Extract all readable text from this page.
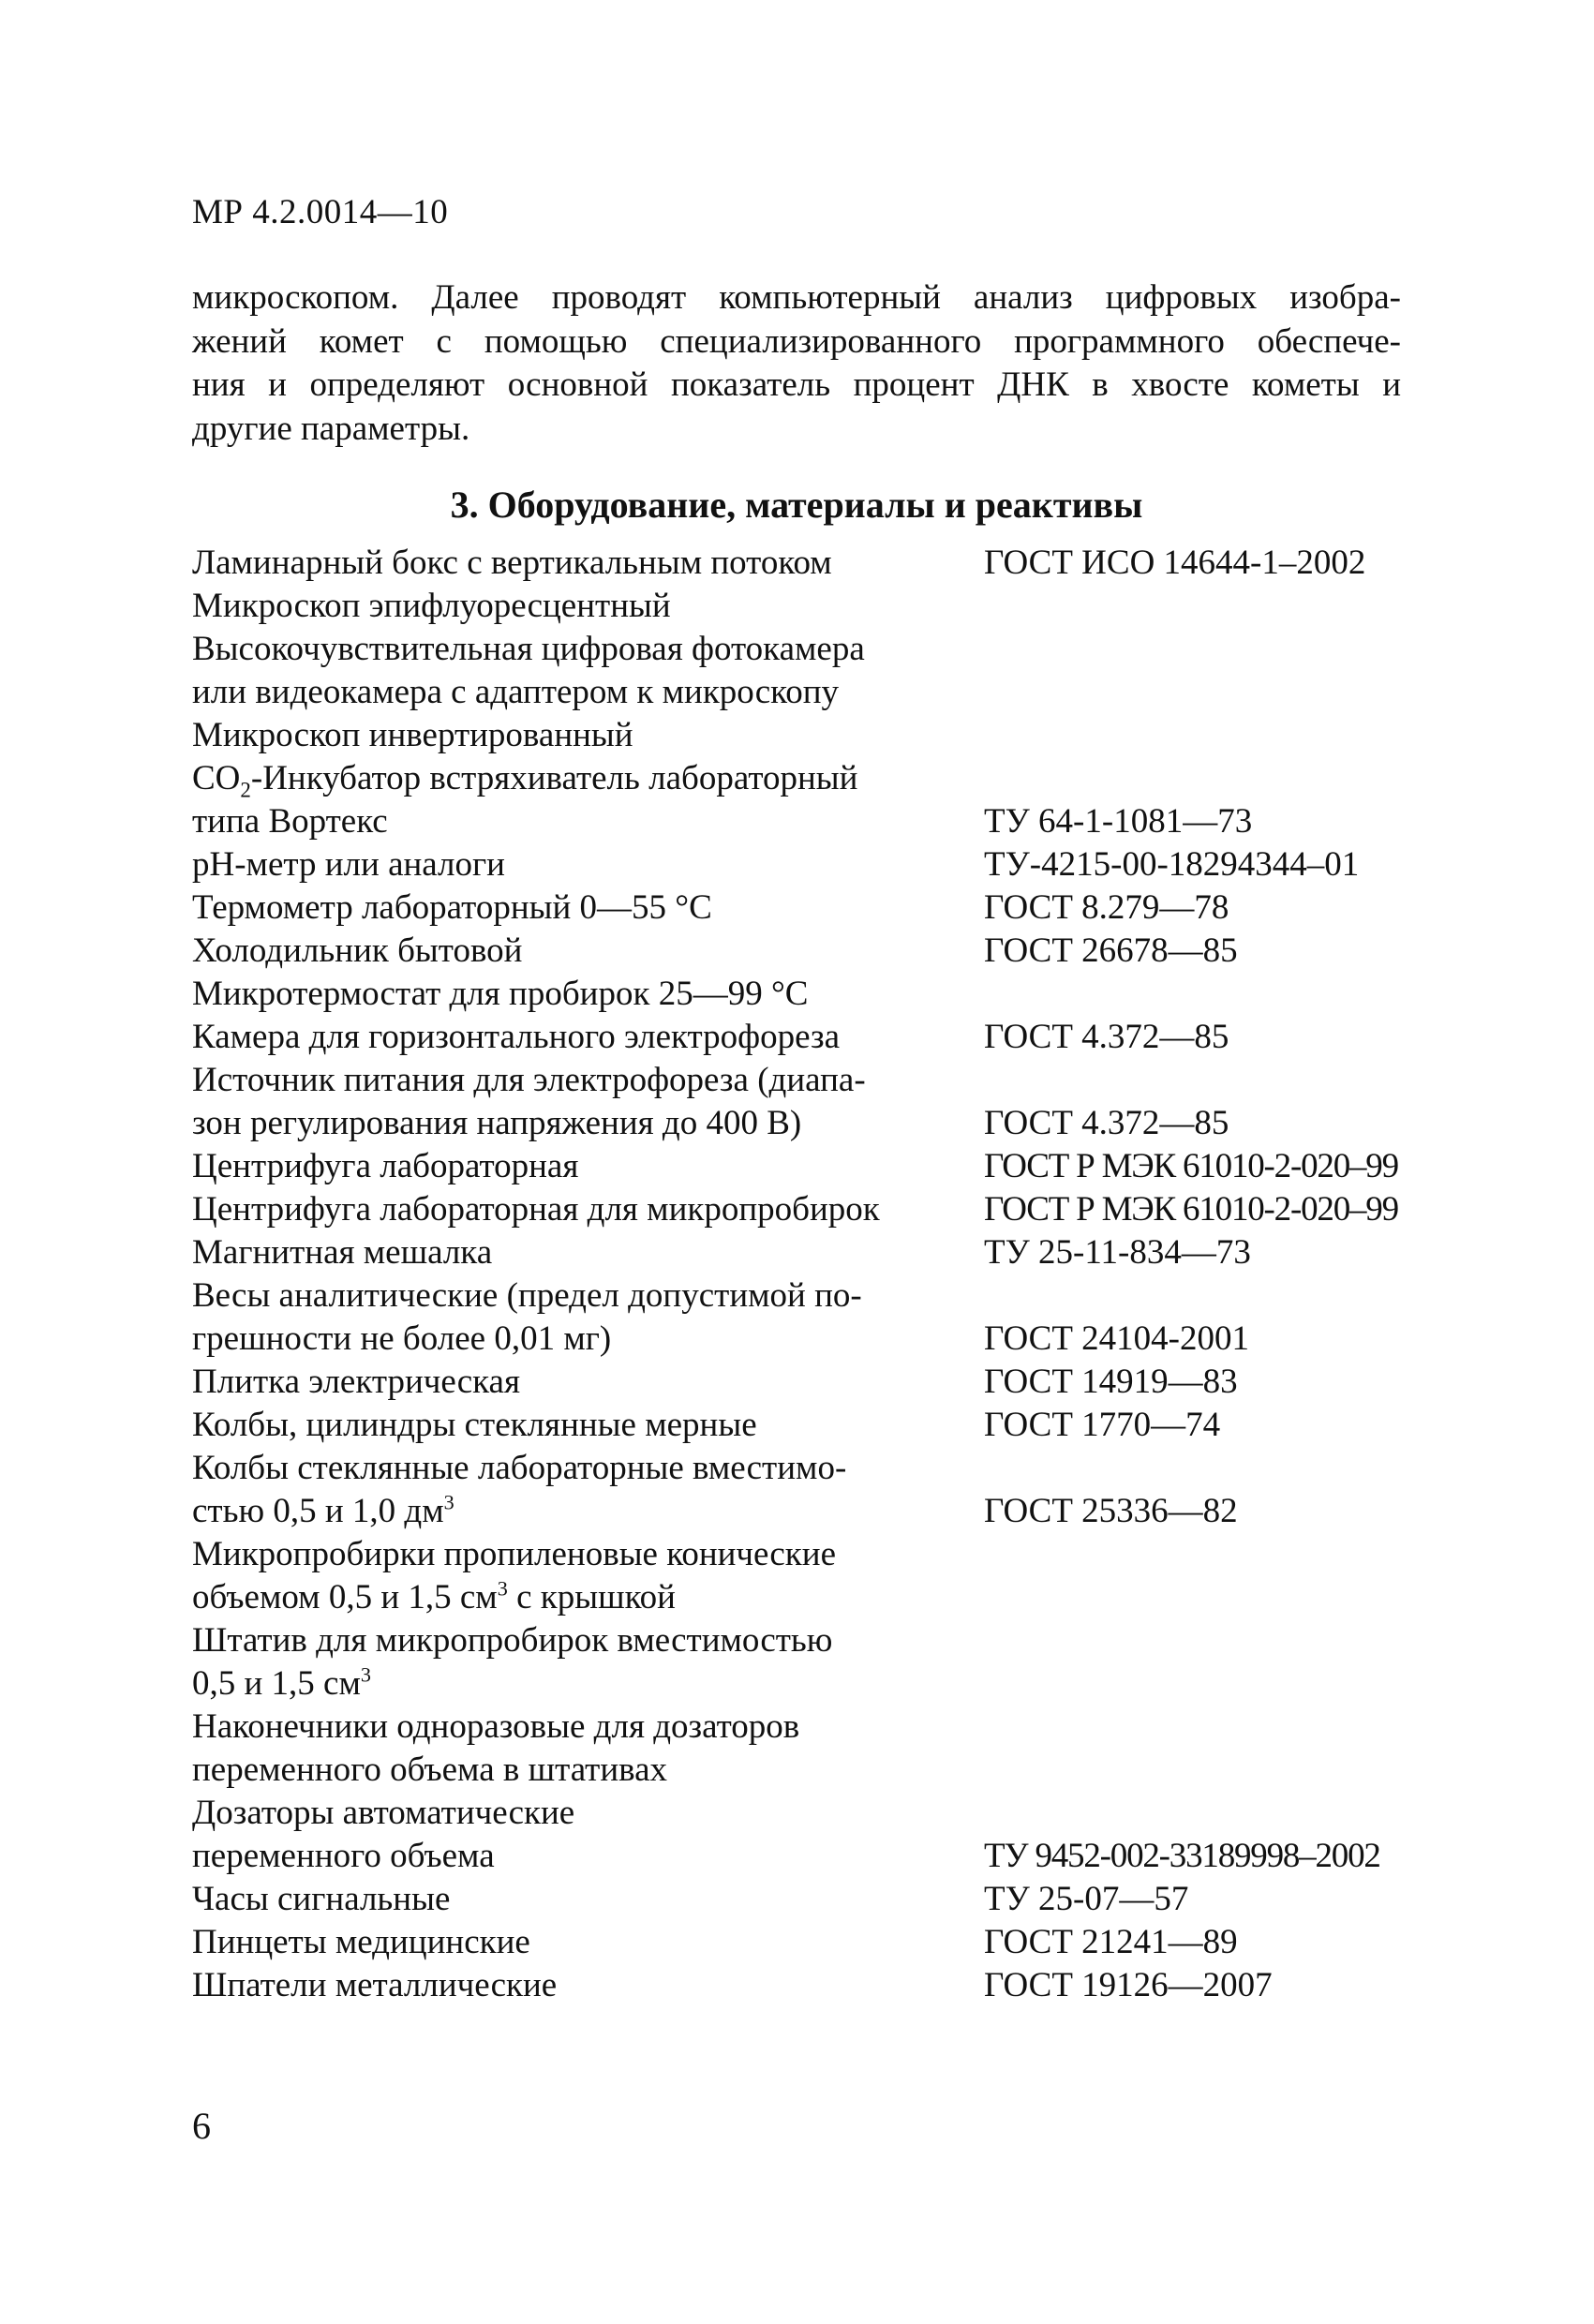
МР 4.2.0014—10

микроскопом. Далее проводят компьютерный анализ цифровых изобра-
жений комет с помощью специализированного программного обеспече-
ния и определяют основной показатель процент ДНК в хвосте кометы и
другие параметры.

3. Оборудование, материалы и реактивы
Ламинарный бокс с вертикальным потоком	ГОСТ ИСО 14644-1–2002
Микроскоп эпифлуоресцентный
Высокочувствительная цифровая фотокамера
или видеокамера с адаптером к микроскопу
Микроскоп инвертированный
$CO_2$-Инкубатор встряхиватель лабораторный
типа Вортекс	ТУ 64-1-1081—73
рН-метр или аналоги	ТУ-4215-00-18294344–01
Термометр лабораторный 0—55 °C	ГОСТ 8.279—78
Холодильник бытовой	ГОСТ 26678—85
Микротермостат для пробирок 25—99 °C
Камера для горизонтального электрофореза	ГОСТ 4.372—85
Источник питания для электрофореза (диапа-
зон регулирования напряжения до 400 В)	ГОСТ 4.372—85
Центрифуга лабораторная	ГОСТ Р МЭК 61010-2-020–99
Центрифуга лабораторная для микропробирок	ГОСТ Р МЭК 61010-2-020–99
Магнитная мешалка	ТУ 25-11-834—73
Весы аналитические (предел допустимой по-
грешности не более 0,01 мг)	ГОСТ 24104-2001
Плитка электрическая	ГОСТ 14919—83
Колбы, цилиндры стеклянные мерные	ГОСТ 1770—74
Колбы стеклянные лабораторные вместимо-
стью 0,5 и 1,0 $дм^3$	ГОСТ 25336—82
Микропробирки пропиленовые конические
объемом 0,5 и 1,5 $см^3$ с крышкой
Штатив для микропробирок вместимостью
0,5 и 1,5 $см^3$
Наконечники одноразовые для дозаторов
переменного объема в штативах
Дозаторы автоматические
переменного объема	ТУ 9452-002-33189998–2002
Часы сигнальные	ТУ 25-07—57
Пинцеты медицинские	ГОСТ 21241—89
Шпатели металлические	ГОСТ 19126—2007
6
